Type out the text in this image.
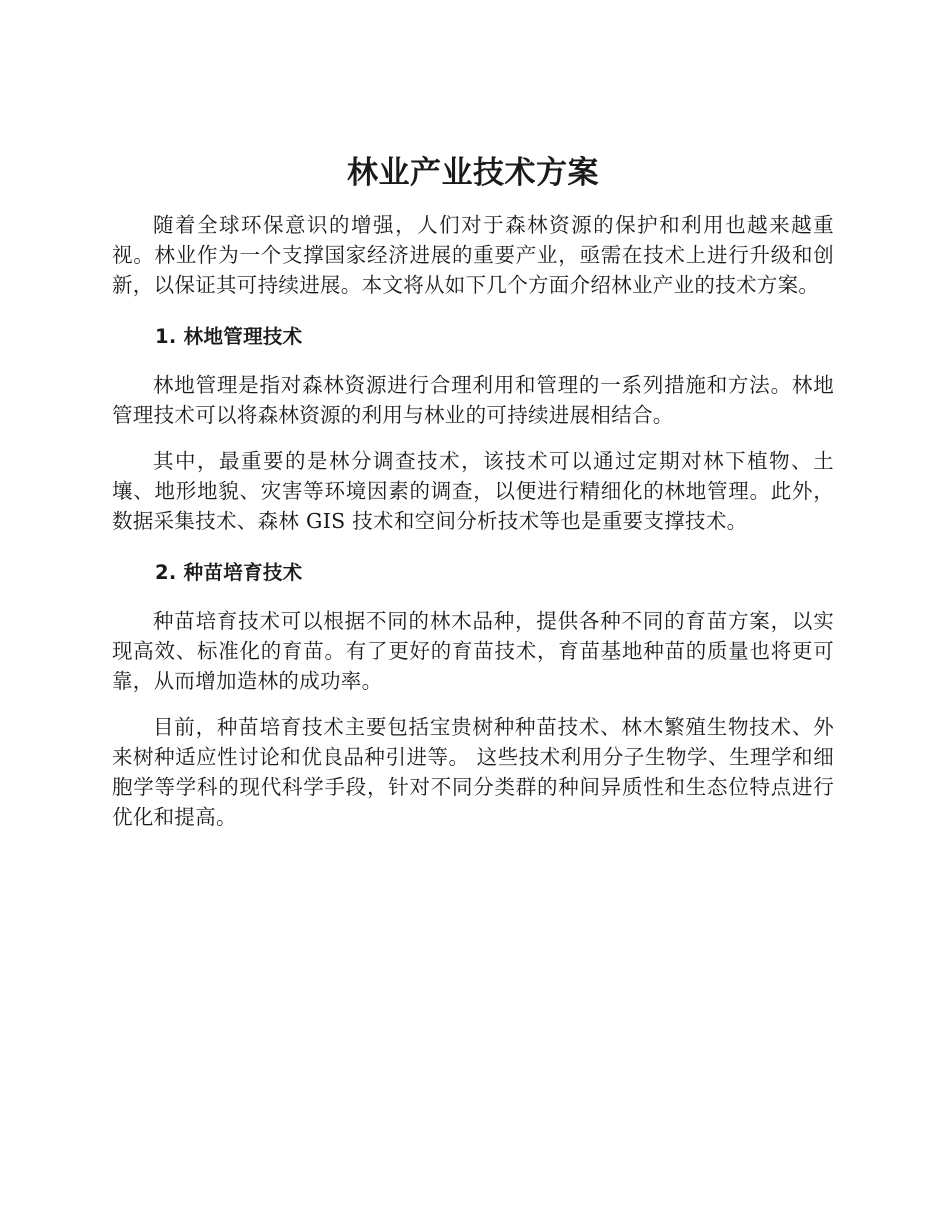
林业产业技术方案

随着全球环保意识的增强，人们对于森林资源的保护和利用也越来越重视。林业作为一个支撑国家经济进展的重要产业，亟需在技术上进行升级和创新，以保证其可持续进展。本文将从如下几个方面介绍林业产业的技术方案。

1. 林地管理技术

林地管理是指对森林资源进行合理利用和管理的一系列措施和方法。林地管理技术可以将森林资源的利用与林业的可持续进展相结合。

其中，最重要的是林分调查技术，该技术可以通过定期对林下植物、土壤、地形地貌、灾害等环境因素的调查，以便进行精细化的林地管理。此外，数据采集技术、森林 GIS 技术和空间分析技术等也是重要支撑技术。

2. 种苗培育技术

种苗培育技术可以根据不同的林木品种，提供各种不同的育苗方案，以实现高效、标准化的育苗。有了更好的育苗技术，育苗基地种苗的质量也将更可靠，从而增加造林的成功率。

目前，种苗培育技术主要包括宝贵树种种苗技术、林木繁殖生物技术、外来树种适应性讨论和优良品种引进等。 这些技术利用分子生物学、生理学和细胞学等学科的现代科学手段，针对不同分类群的种间异质性和生态位特点进行优化和提高。
